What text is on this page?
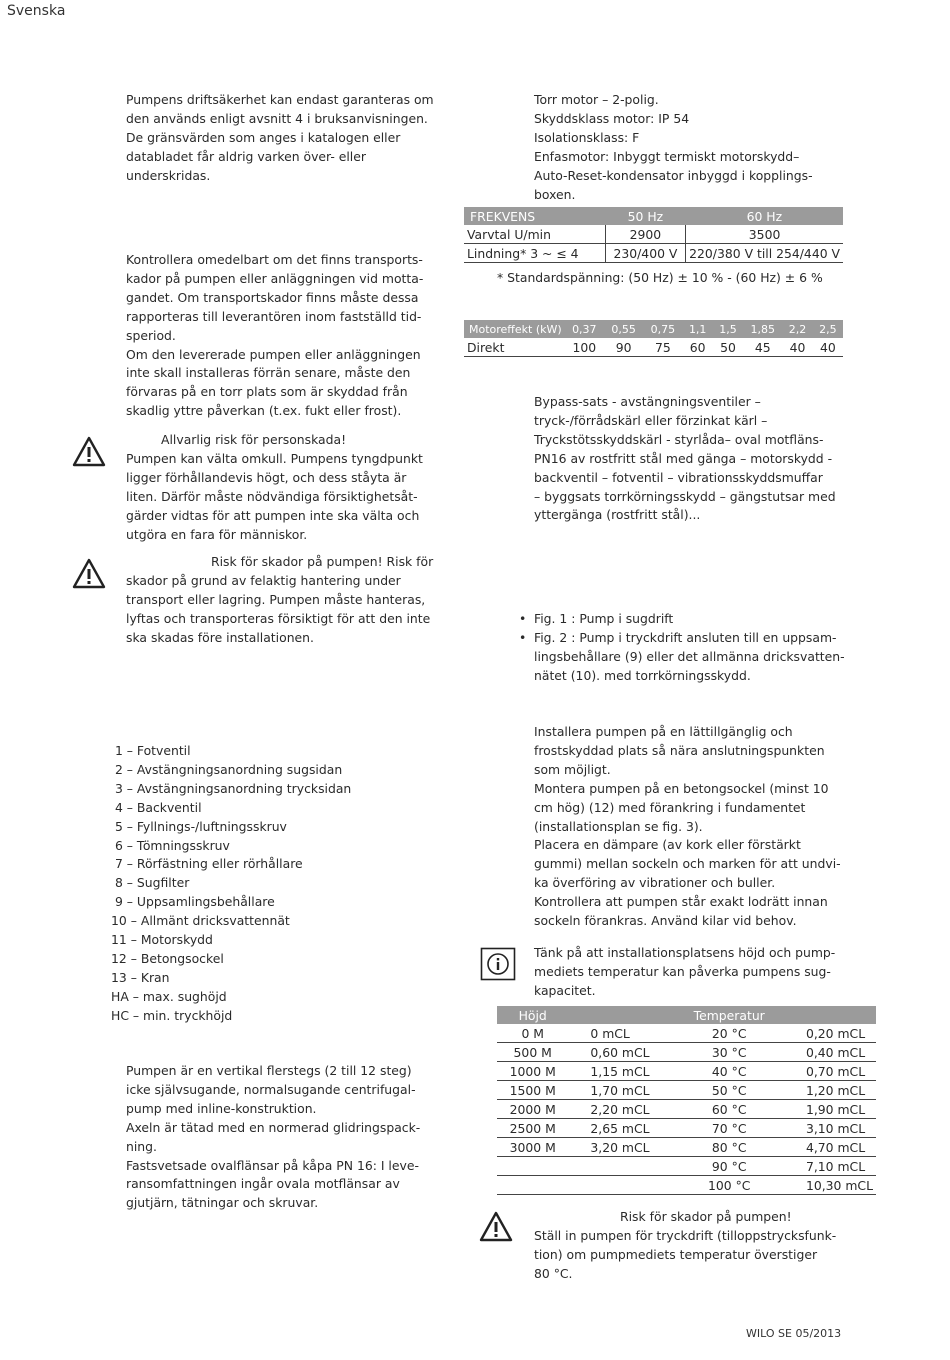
Svenska
Pumpens driftsäkerhet kan endast garanteras om
den används enligt avsnitt 4 i bruksanvisningen.
De gränsvärden som anges i katalogen eller
databladet får aldrig varken över- eller
underskridas.
Kontrollera omedelbart om det finns transports-
kador på pumpen eller anläggningen vid motta-
gandet. Om transportskador finns måste dessa
rapporteras till leverantören inom fastställd tid-
speriod.
Om den levererade pumpen eller anläggningen
inte skall installeras förrän senare, måste den
förvaras på en torr plats som är skyddad från
skadlig yttre påverkan (t.ex. fukt eller frost).
Allvarlig risk för personskada!
Pumpen kan välta omkull. Pumpens tyngdpunkt
ligger förhållandevis högt, och dess ståyta är
liten. Därför måste nödvändiga försiktighetsåt-
gärder vidtas för att pumpen inte ska välta och
utgöra en fara för människor.
Risk för skador på pumpen! Risk för
skador på grund av felaktig hantering under
transport eller lagring. Pumpen måste hanteras,
lyftas och transporteras försiktigt för att den inte
ska skadas före installationen.
1 – Fotventil
2 – Avstängningsanordning sugsidan
3 – Avstängningsanordning trycksidan
4 – Backventil
5 – Fyllnings-/luftningsskruv
6 – Tömningsskruv
7 – Rörfästning eller rörhållare
8 – Sugfilter
9 – Uppsamlingsbehållare
10 – Allmänt dricksvattennät
11 – Motorskydd
12 – Betongsockel
13 – Kran
HA – max. sughöjd
HC – min. tryckhöjd
Pumpen är en vertikal flerstegs (2 till 12 steg)
icke självsugande, normalsugande centrifugal-
pump med inline-konstruktion.
Axeln är tätad med en normerad glidringspack-
ning.
Fastsvetsade ovalflänsar på kåpa PN 16: I leve-
ransomfattningen ingår ovala motflänsar av
gjutjärn, tätningar och skruvar.
Torr motor – 2-polig.
Skyddsklass motor: IP 54
Isolationsklass: F
Enfasmotor: Inbyggt termiskt motorskydd–
Auto-Reset-kondensator inbyggd i kopplings-
boxen.
FREKVENS	50 Hz	60 Hz
Varvtal U/min	2900	3500
Lindning* 3 ~ ≤ 4	230/400 V	220/380 V till 254/440 V
* Standardspänning: (50 Hz) ± 10 % - (60 Hz) ± 6 %
Motoreffekt (kW)	0,37	0,55	0,75	1,1	1,5	1,85	2,2	2,5
Direkt	100	90	75	60	50	45	40	40
Bypass-sats - avstängningsventiler –
tryck-/förrådskärl eller förzinkat kärl –
Tryckstötsskyddskärl - styrlåda– oval motfläns-
PN16 av rostfritt stål med gänga – motorskydd -
backventil – fotventil – vibrationsskyddsmuffar
– byggsats torrkörningsskydd – gängstutsar med
yttergänga (rostfritt stål)...
• Fig. 1 : Pump i sugdrift
• Fig. 2 : Pump i tryckdrift ansluten till en uppsam-
lingsbehållare (9) eller det allmänna dricksvatten-
nätet (10). med torrkörningsskydd.
Installera pumpen på en lättillgänglig och
frostskyddad plats så nära anslutningspunkten
som möjligt.
Montera pumpen på en betongsockel (minst 10
cm hög) (12) med förankring i fundamentet
(installationsplan se fig. 3).
Placera en dämpare (av kork eller förstärkt
gummi) mellan sockeln och marken för att undvi-
ka överföring av vibrationer och buller.
Kontrollera att pumpen står exakt lodrätt innan
sockeln förankras. Använd kilar vid behov.
Tänk på att installationsplatsens höjd och pump-
mediets temperatur kan påverka pumpens sug-
kapacitet.
Höjd		Temperatur	
0 M	0 mCL	20 °C	0,20 mCL
500 M	0,60 mCL	30 °C	0,40 mCL
1000 M	1,15 mCL	40 °C	0,70 mCL
1500 M	1,70 mCL	50 °C	1,20 mCL
2000 M	2,20 mCL	60 °C	1,90 mCL
2500 M	2,65 mCL	70 °C	3,10 mCL
3000 M	3,20 mCL	80 °C	4,70 mCL
		90 °C	7,10 mCL
		100 °C	10,30 mCL
Risk för skador på pumpen!
Ställ in pumpen för tryckdrift (tilloppstrycksfunk-
tion) om pumpmediets temperatur överstiger
80 °C.
WILO SE 05/2013
